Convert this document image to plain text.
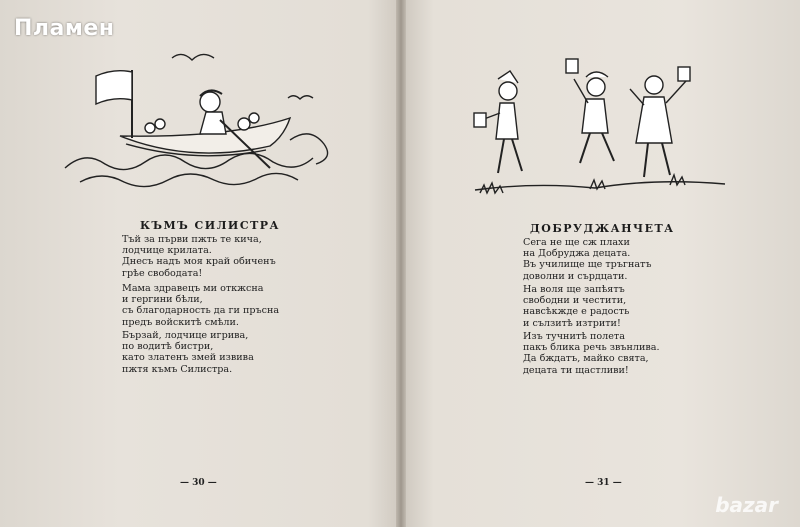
Пламен
КЪМЪ СИЛИСТРА
Тъй за първи пжть те кича,
лодчице крилата.
Днесъ надъ моя край обиченъ
грѣе свободата!
Мама здравецъ ми откжсна
и гергини бѣли,
съ благодарность да ги пръсна
предъ войскитѣ смѣли.
Бързай, лодчице игрива,
по водитѣ бистри,
като златенъ змей извива
пжтя къмъ Силистра.
— 30 —
ДОБРУДЖАНЧЕТА
Сега не ще сж плахи
на Добруджа децата.
Въ училище ще тръгнатъ
доволни и сърдцати.
На воля ще запѣятъ
свободни и честити,
навсѣкжде е радость
и сълзитѣ изтрити!
Изъ тучнитѣ полета
пакъ блика речь звънлива.
Да бждатъ, майко свята,
децата ти щастливи!
— 31 —
bazar
